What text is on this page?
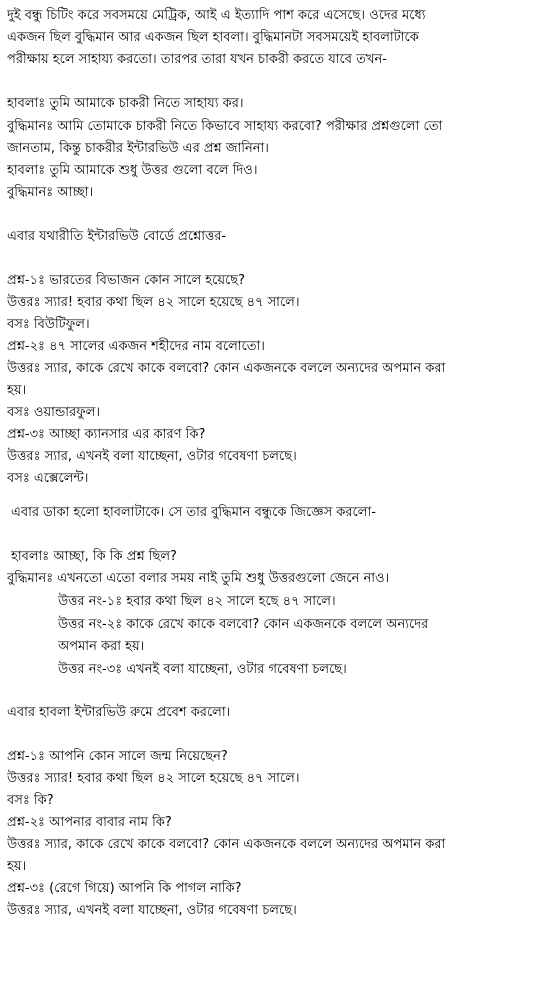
দুই বন্ধু চিটিং করে সবসময়ে মেট্রিক, আই এ ইত্যাদি পাশ করে এসেছে। ওদের মধ্যে
একজন ছিল বুদ্ধিমান আর একজন ছিল হাবলা। বুদ্ধিমানটা সবসময়েই হাবলাটাকে
পরীক্ষায় হলে সাহায্য করতো। তারপর তারা যখন চাকরী করতে যাবে তখন-
হাবলাঃ তুমি আমাকে চাকরী নিতে সাহায্য কর।
বুদ্ধিমানঃ আমি তোমাকে চাকরী নিতে কিভাবে সাহায্য করবো? পরীক্ষার প্রশ্নগুলো তো
জানতাম, কিন্তু চাকরীর ইন্টারভিউ এর প্রশ্ন জানিনা।
হাবলাঃ তুমি আমাকে শুধু উত্তর গুলো বলে দিও।
বুদ্ধিমানঃ আচ্ছা।
এবার যথারীতি ইন্টারভিউ বোর্ডে প্রশ্নোত্তর-
প্রশ্ন-১ঃ ভারতের বিভাজন কোন সালে হয়েছে?
উত্তরঃ স্যার! হবার কথা ছিল ৪২ সালে হয়েছে ৪৭ সালে।
বসঃ বিউটিফুল।
প্রশ্ন-২ঃ ৪৭ সালের একজন শহীদের নাম বলোতো।
উত্তরঃ স্যার, কাকে রেখে কাকে বলবো? কোন একজনকে বললে অন্যদের অপমান করা
হয়।
বসঃ ওয়ান্ডারফুল।
প্রশ্ন-৩ঃ আচ্ছা ক্যানসার এর কারণ কি?
উত্তরঃ স্যার, এখনই বলা যাচ্ছেনা, ওটার গবেষণা চলছে।
বসঃ এক্সেলেন্ট।
এবার ডাকা হলো হাবলাটাকে। সে তার বুদ্ধিমান বন্ধুকে জিজ্ঞেস করলো-
হাবলাঃ আচ্ছা, কি কি প্রশ্ন ছিল?
বুদ্ধিমানঃ এখনতো এতো বলার সময় নাই তুমি শুধু উত্তরগুলো জেনে নাও।
উত্তর নং-১ঃ হবার কথা ছিল ৪২ সালে হছে ৪৭ সালে।
উত্তর নং-২ঃ কাকে রেখে কাকে বলবো? কোন একজনকে বললে অন্যদের
অপমান করা হয়।
উত্তর নং-৩ঃ এখনই বলা যাচ্ছেনা, ওটার গবেষণা চলছে।
এবার হাবলা ইন্টারভিউ রুমে প্রবেশ করলো।
প্রশ্ন-১ঃ আপনি কোন সালে জন্ম নিয়েছেন?
উত্তরঃ স্যার! হবার কথা ছিল ৪২ সালে হয়েছে ৪৭ সালে।
বসঃ কি?
প্রশ্ন-২ঃ আপনার বাবার নাম কি?
উত্তরঃ স্যার, কাকে রেখে কাকে বলবো? কোন একজনকে বললে অন্যদের অপমান করা
হয়।
প্রশ্ন-৩ঃ (রেগে গিয়ে) আপনি কি পাগল নাকি?
উত্তরঃ স্যার, এখনই বলা যাচ্ছেনা, ওটার গবেষণা চলছে।
